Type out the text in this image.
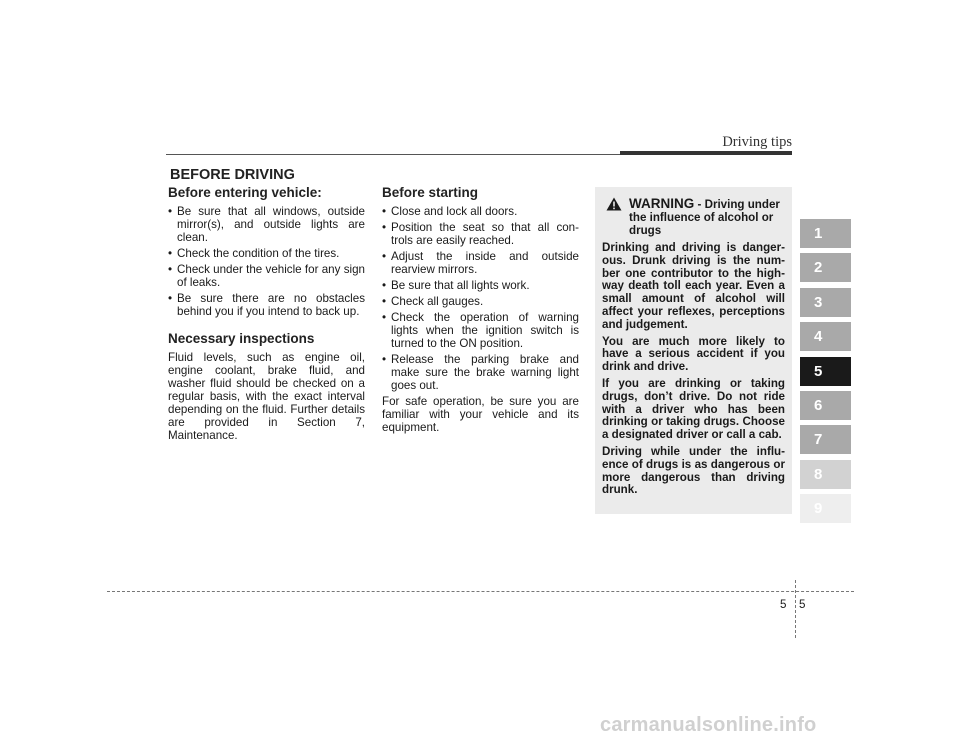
Driving tips
BEFORE DRIVING
Before entering vehicle:
• Be sure that all windows, outside mirror(s), and outside lights are clean.
• Check the condition of the tires.
• Check under the vehicle for any sign of leaks.
• Be sure there are no obstacles behind you if you intend to back up.
Necessary inspections

Fluid levels, such as engine oil, engine coolant, brake fluid, and washer fluid should be checked on a regular basis, with the exact interval depending on the fluid. Further details are provided in Section 7, Maintenance.

Before starting
• Close and lock all doors.
• Position the seat so that all con- trols are easily reached.
• Adjust the inside and outside rearview mirrors.
• Be sure that all lights work.
• Check all gauges.
• Check the operation of warning lights when the ignition switch is turned to the ON position.
• Release the parking brake and make sure the brake warning light goes out.

For safe operation, be sure you are familiar with your vehicle and its equipment.

WARNING - Driving under the influence of alcohol or drugs

Drinking and driving is danger- ous. Drunk driving is the num- ber one contributor to the high- way death toll each year. Even a small amount of alcohol will affect your reflexes, perceptions and judgement.

You are much more likely to have a serious accident if you drink and drive.

If you are drinking or taking drugs, don’t drive. Do not ride with a driver who has been drinking or taking drugs. Choose a designated driver or call a cab.

Driving while under the influ- ence of drugs is as dangerous or more dangerous than driving drunk.

1
2
3
4
5
6
7
8
9
5 5
carmanualsonline.info
